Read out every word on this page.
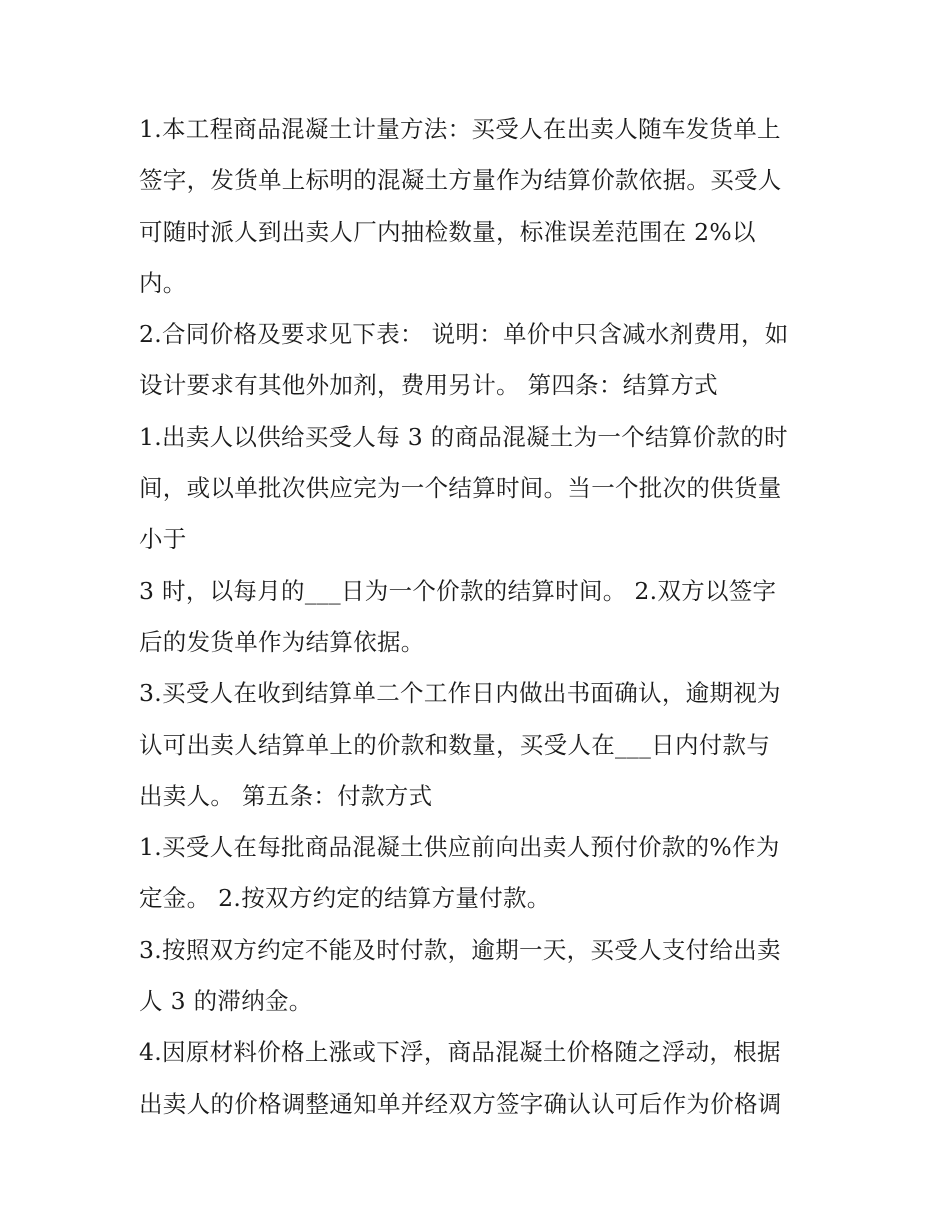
1.本工程商品混凝土计量方法：买受人在出卖人随车发货单上
签字，发货单上标明的混凝土方量作为结算价款依据。买受人
可随时派人到出卖人厂内抽检数量，标准误差范围在 2%以
内。
2.合同价格及要求见下表： 说明：单价中只含减水剂费用，如
设计要求有其他外加剂，费用另计。 第四条：结算方式
1.出卖人以供给买受人每 3 的商品混凝土为一个结算价款的时
间，或以单批次供应完为一个结算时间。当一个批次的供货量
小于
3 时，以每月的___日为一个价款的结算时间。 2.双方以签字
后的发货单作为结算依据。
3.买受人在收到结算单二个工作日内做出书面确认，逾期视为
认可出卖人结算单上的价款和数量，买受人在___日内付款与
出卖人。 第五条：付款方式
1.买受人在每批商品混凝土供应前向出卖人预付价款的%作为
定金。 2.按双方约定的结算方量付款。
3.按照双方约定不能及时付款，逾期一天，买受人支付给出卖
人 3 的滞纳金。
4.因原材料价格上涨或下浮，商品混凝土价格随之浮动，根据
出卖人的价格调整通知单并经双方签字确认认可后作为价格调
